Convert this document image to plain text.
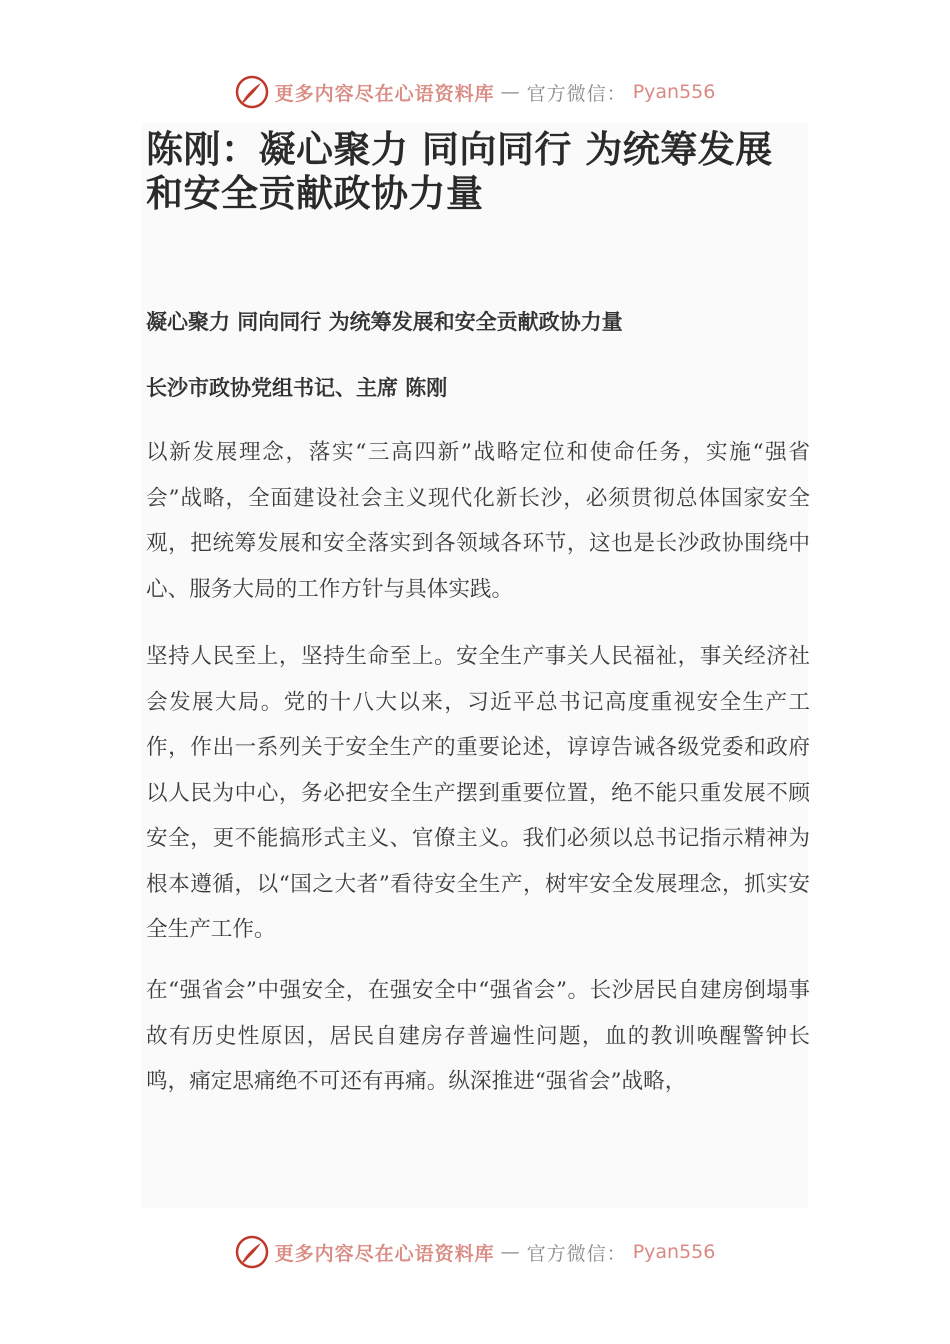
更多内容尽在心语资料库 — 官方微信： Pyan556
陈刚：凝心聚力 同向同行 为统筹发展和安全贡献政协力量

凝心聚力 同向同行 为统筹发展和安全贡献政协力量

长沙市政协党组书记、主席 陈刚

以新发展理念，落实“三高四新”战略定位和使命任务，实施“强省会”战略，全面建设社会主义现代化新长沙，必须贯彻总体国家安全观，把统筹发展和安全落实到各领域各环节，这也是长沙政协围绕中心、服务大局的工作方针与具体实践。

坚持人民至上，坚持生命至上。安全生产事关人民福祉，事关经济社会发展大局。党的十八大以来，习近平总书记高度重视安全生产工作，作出一系列关于安全生产的重要论述，谆谆告诫各级党委和政府以人民为中心，务必把安全生产摆到重要位置，绝不能只重发展不顾安全，更不能搞形式主义、官僚主义。我们必须以总书记指示精神为根本遵循，以“国之大者”看待安全生产，树牢安全发展理念，抓实安全生产工作。

在“强省会”中强安全，在强安全中“强省会”。长沙居民自建房倒塌事故有历史性原因，居民自建房存普遍性问题，血的教训唤醒警钟长鸣，痛定思痛绝不可还有再痛。纵深推进“强省会”战略，

更多内容尽在心语资料库 — 官方微信： Pyan556
